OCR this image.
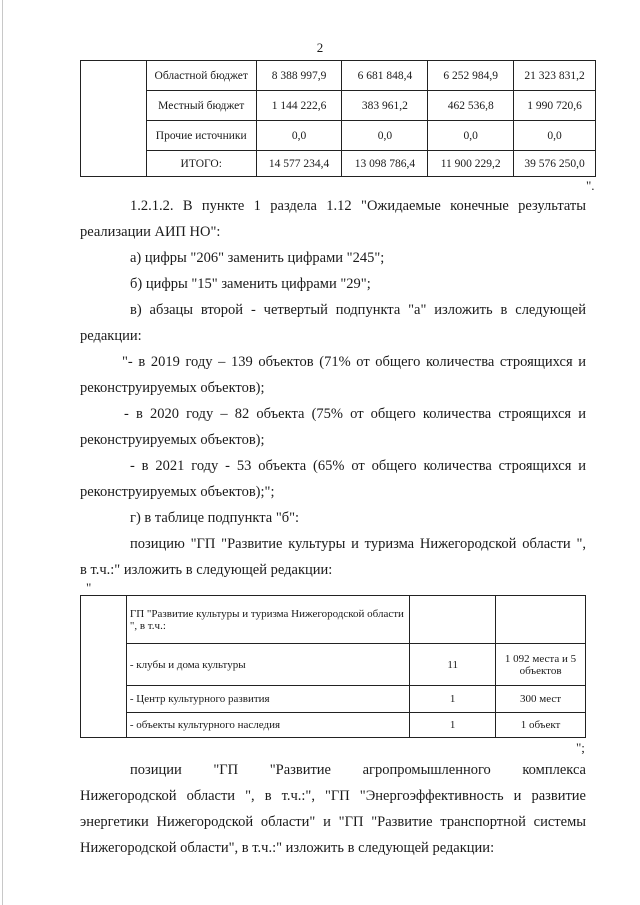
2
	Областной бюджет	8 388 997,9	6 681 848,4	6 252 984,9	21 323 831,2
	Местный бюджет	1 144 222,6	383 961,2	462 536,8	1 990 720,6
	Прочие источники	0,0	0,0	0,0	0,0
	ИТОГО:	14 577 234,4	13 098 786,4	11 900 229,2	39 576 250,0
".
1.2.1.2. В пункте 1 раздела 1.12 "Ожидаемые конечные результаты
реализации АИП НО":
а) цифры "206" заменить цифрами "245";
б) цифры "15" заменить цифрами "29";
в) абзацы второй - четвертый подпункта "а" изложить в следующей
редакции:
"- в 2019 году – 139 объектов (71% от общего количества строящихся и
реконструируемых объектов);
- в 2020 году – 82 объекта (75% от общего количества строящихся и
реконструируемых объектов);
- в 2021 году - 53 объекта (65% от общего количества строящихся и
реконструируемых объектов);";
г) в таблице подпункта "б":
позицию "ГП "Развитие культуры и туризма Нижегородской области ",
в т.ч.:" изложить в следующей редакции:
"
	ГП "Развитие культуры и туризма Нижегородской области ", в т.ч.:		
	- клубы и дома культуры	11	1 092 места и 5 объектов
	- Центр культурного развития	1	300 мест
	- объекты культурного наследия	1	1 объект
";
позиции "ГП "Развитие агропромышленного комплекса
Нижегородской области ", в т.ч.:", "ГП "Энергоэффективность и развитие
энергетики Нижегородской области" и "ГП "Развитие транспортной системы
Нижегородской области", в т.ч.:" изложить в следующей редакции:
